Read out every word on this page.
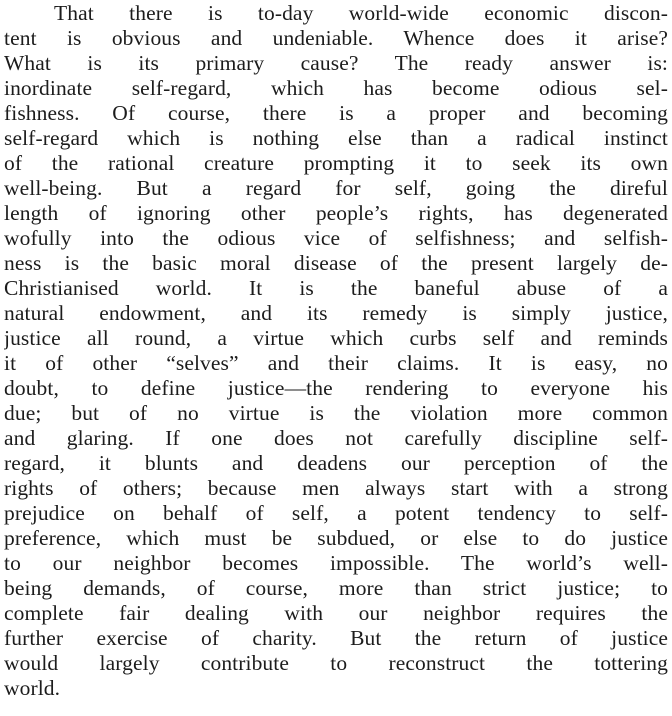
That there is to-day world-wide economic discon-
tent is obvious and undeniable. Whence does it arise?
What is its primary cause? The ready answer is:
inordinate self-regard, which has become odious sel-
fishness. Of course, there is a proper and becoming
self-regard which is nothing else than a radical instinct
of the rational creature prompting it to seek its own
well-being. But a regard for self, going the direful
length of ignoring other people’s rights, has degenerated
wofully into the odious vice of selfishness; and selfish-
ness is the basic moral disease of the present largely de-
Christianised world. It is the baneful abuse of a
natural endowment, and its remedy is simply justice,
justice all round, a virtue which curbs self and reminds
it of other “selves” and their claims. It is easy, no
doubt, to define justice—the rendering to everyone his
due; but of no virtue is the violation more common
and glaring. If one does not carefully discipline self-
regard, it blunts and deadens our perception of the
rights of others; because men always start with a strong
prejudice on behalf of self, a potent tendency to self-
preference, which must be subdued, or else to do justice
to our neighbor becomes impossible. The world’s well-
being demands, of course, more than strict justice; to
complete fair dealing with our neighbor requires the
further exercise of charity. But the return of justice
would largely contribute to reconstruct the tottering
world.
